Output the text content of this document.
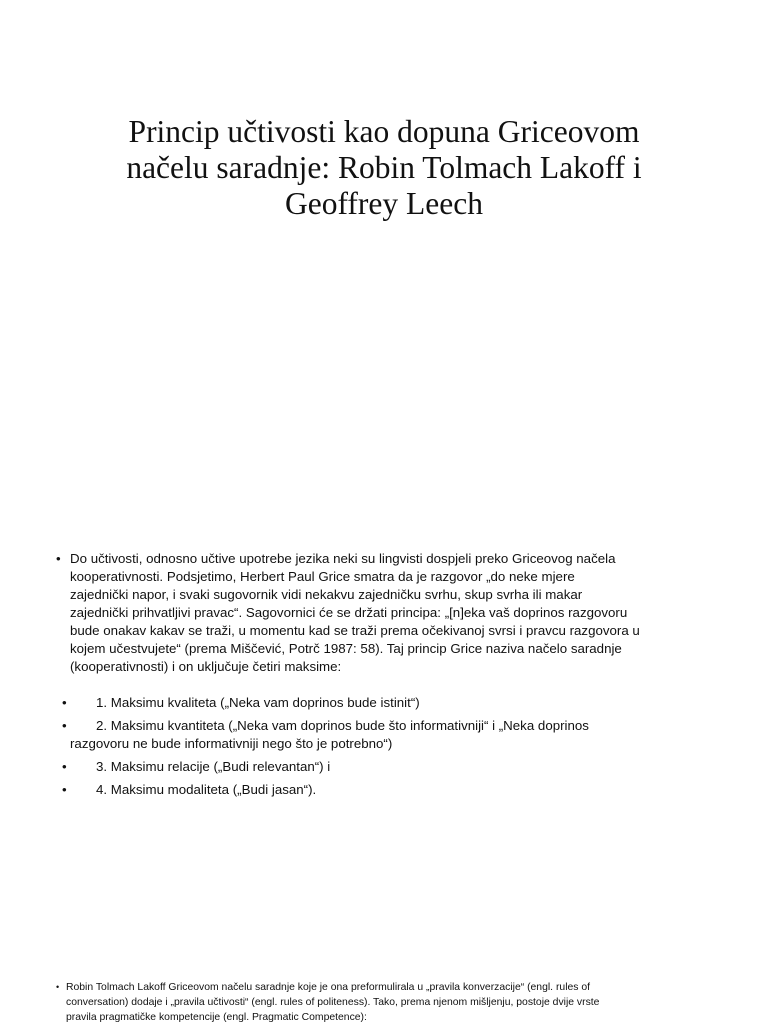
Princip učtivosti kao dopuna Griceovom
načelu saradnje: Robin Tolmach Lakoff i
Geoffrey Leech
• Do učtivosti, odnosno učtive upotrebe jezika neki su lingvisti dospjeli preko Griceovog načela
kooperativnosti. Podsjetimo, Herbert Paul Grice smatra da je razgovor „do neke mjere
zajednički napor, i svaki sugovornik vidi nekakvu zajedničku svrhu, skup svrha ili makar
zajednički prihvatljivi pravac“. Sagovornici će se držati principa: „[n]eka vaš doprinos razgovoru
bude onakav kakav se traži, u momentu kad se traži prema očekivanoj svrsi i pravcu razgovora u
kojem učestvujete“ (prema Miščević, Potrč 1987: 58). Taj princip Grice naziva načelo saradnje
(kooperativnosti) i on uključuje četiri maksime:
• 1. Maksimu kvaliteta („Neka vam doprinos bude istinit“)
• 2. Maksimu kvantiteta („Neka vam doprinos bude što informativniji“ i „Neka doprinos
razgovoru ne bude informativniji nego što je potrebno“)
• 3. Maksimu relacije („Budi relevantan“) i
• 4. Maksimu modaliteta („Budi jasan“).
• Robin Tolmach Lakoff Griceovom načelu saradnje koje je ona preformulirala u „pravila konverzacije“ (engl. rules of
conversation) dodaje i „pravila učtivosti“ (engl. rules of politeness). Tako, prema njenom mišljenju, postoje dvije vrste
pravila pragmatičke kompetencije (engl. Pragmatic Competence):
